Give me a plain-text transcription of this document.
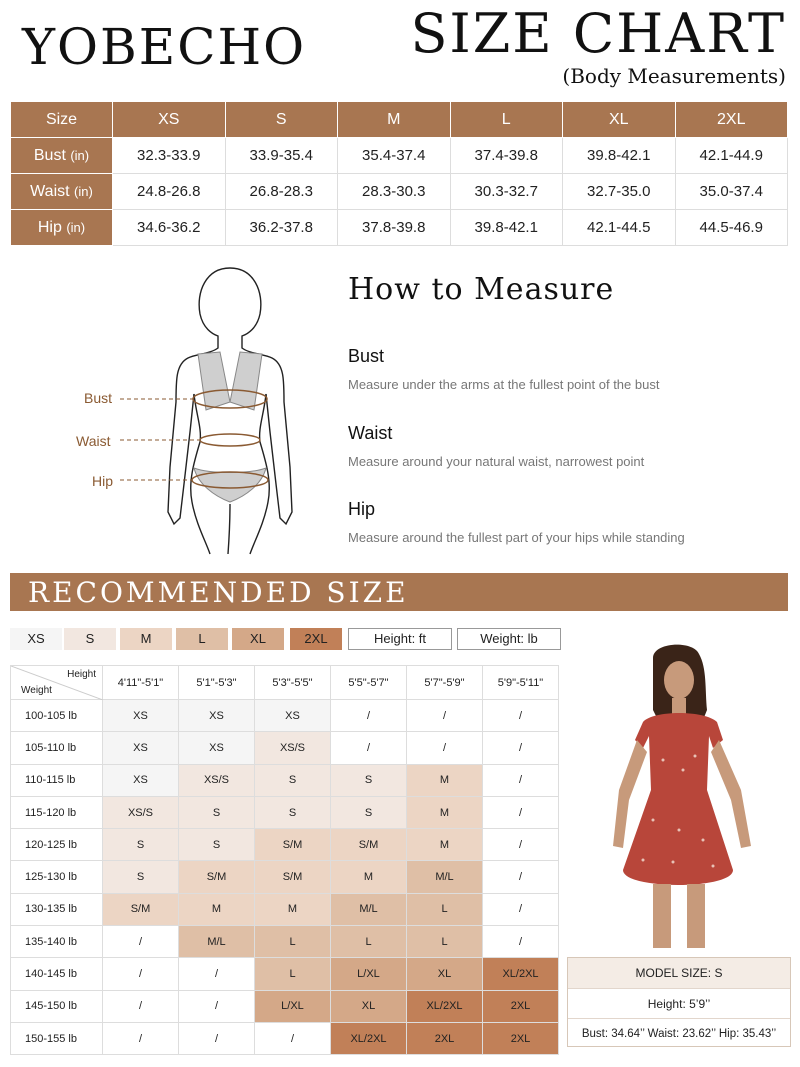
YOBECHO SIZE CHART
(Body Measurements)
Size	XS	S	M	L	XL	2XL
Bust (in)	32.3-33.9	33.9-35.4	35.4-37.4	37.4-39.8	39.8-42.1	42.1-44.9
Waist (in)	24.8-26.8	26.8-28.3	28.3-30.3	30.3-32.7	32.7-35.0	35.0-37.4
Hip (in)	34.6-36.2	36.2-37.8	37.8-39.8	39.8-42.1	42.1-44.5	44.5-46.9
Bust
Waist
Hip
How to Measure
Bust
Measure under the arms at the fullest point of the bust
Waist
Measure around your natural waist, narrowest point
Hip
Measure around the fullest part of your hips while standing
RECOMMENDED SIZE
XS	S	M	L	XL	2XL	Height: ft	Weight: lb
Height
Weight	4'11"-5'1"	5'1"-5'3"	5'3"-5'5"	5'5"-5'7"	5'7"-5'9"	5'9"-5'11"
100-105 lb	XS	XS	XS	/	/	/
105-110 lb	XS	XS	XS/S	/	/	/
110-115 lb	XS	XS/S	S	S	M	/
115-120 lb	XS/S	S	S	S	M	/
120-125 lb	S	S	S/M	S/M	M	/
125-130 lb	S	S/M	S/M	M	M/L	/
130-135 lb	S/M	M	M	M/L	L	/
135-140 lb	/	M/L	L	L	L	/
140-145 lb	/	/	L	L/XL	XL	XL/2XL
145-150 lb	/	/	L/XL	XL	XL/2XL	2XL
150-155 lb	/	/	/	XL/2XL	2XL	2XL
MODEL SIZE: S
Height: 5’9’’
Bust: 34.64’’ Waist: 23.62’’ Hip: 35.43’’
